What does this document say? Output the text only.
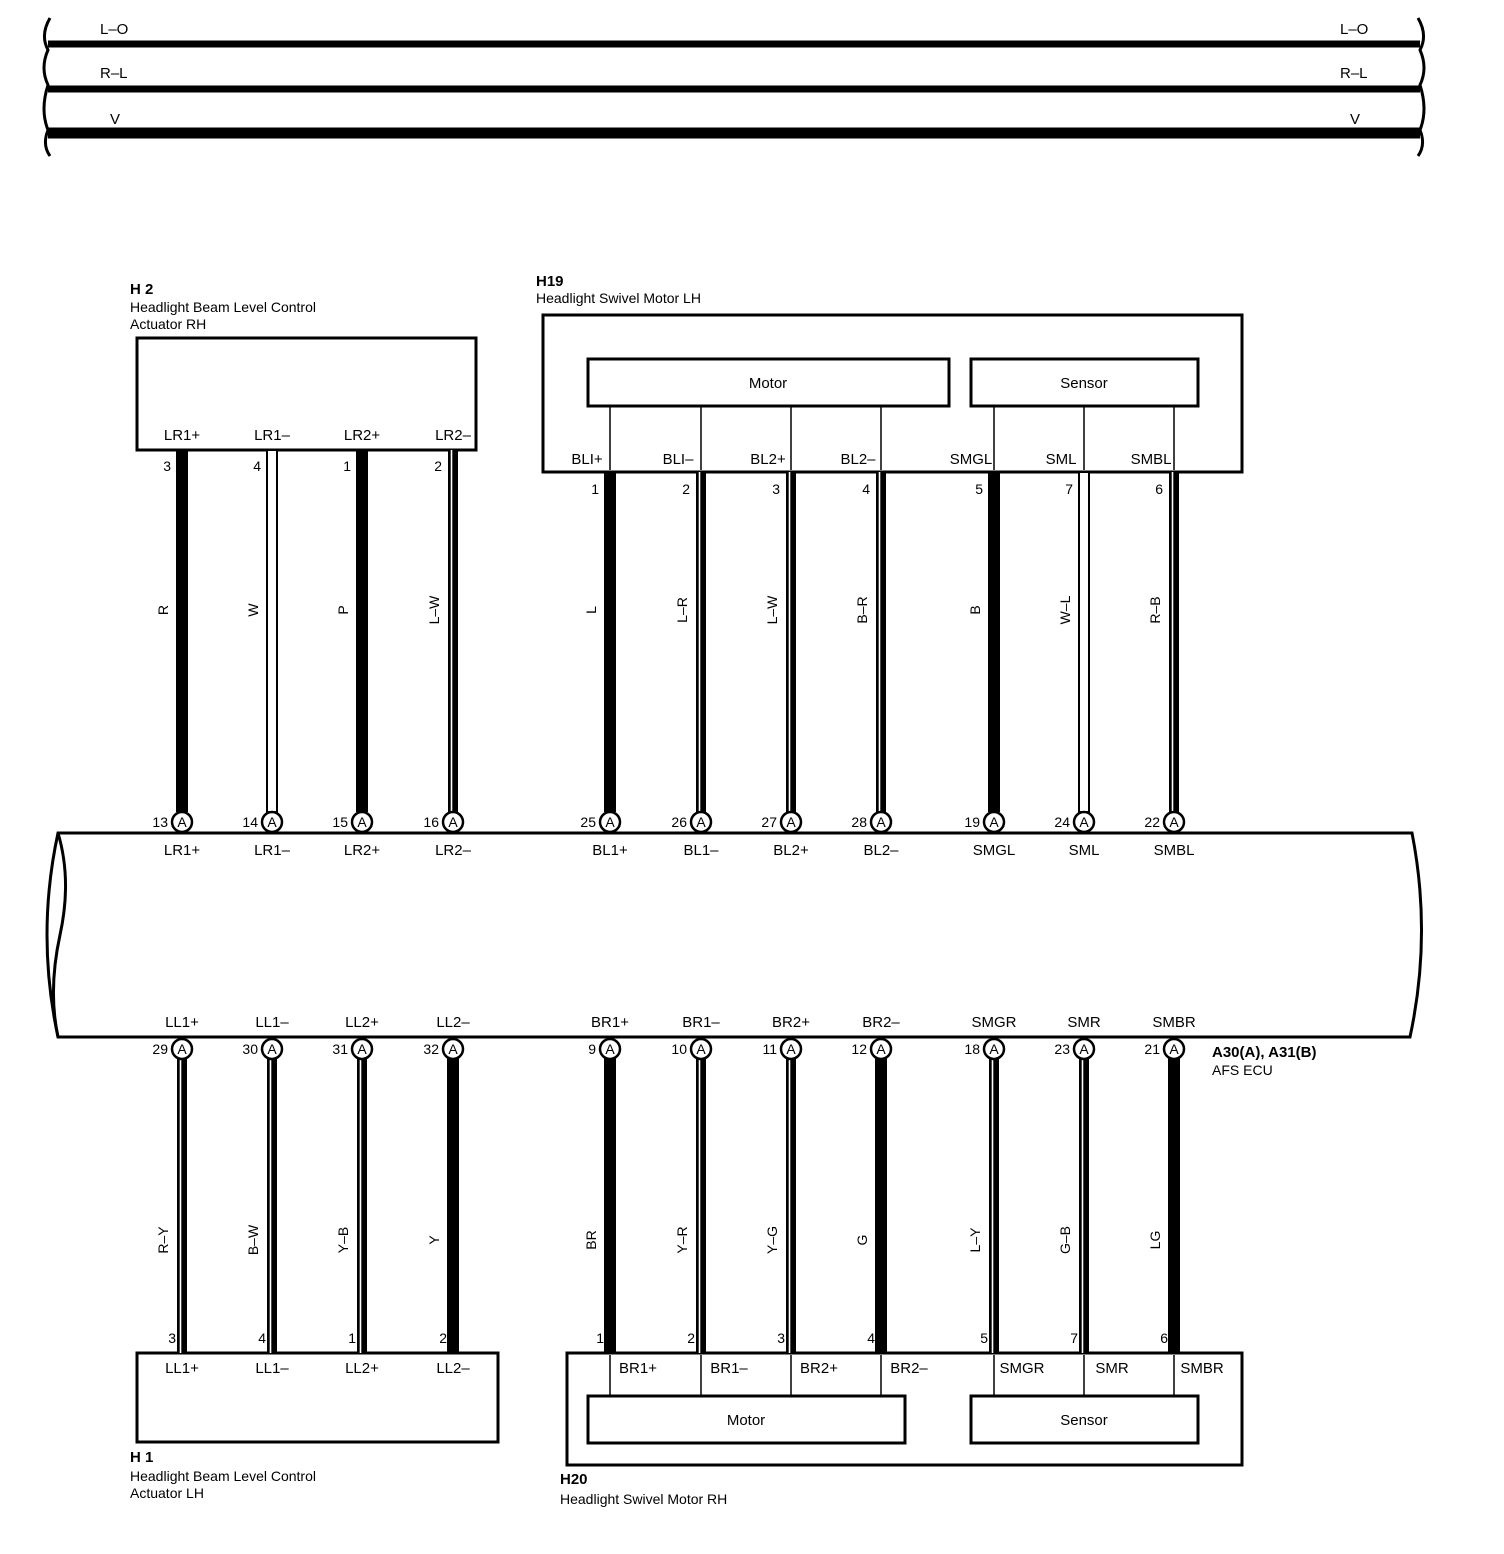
L–O	L–O
R–L	R–L
V	V
H 2
Headlight Beam Level Control
Actuator RH
H19
Headlight Swivel Motor LH
A30(A), A31(B)
AFS ECU
H 1
Headlight Beam Level Control
Actuator LH
H20
Headlight Swivel Motor RH
Motor	Sensor
Motor	Sensor
LR1+
3
R
13 A
LR1+
LR1–
4
W
14 A
LR1–
LR2+
1
P
15 A
LR2+
LR2–
2
L–W
16 A
LR2–
BLI+
1
L
25 A
BL1+
BLI–
2
L–R
26 A
BL1–
BL2+
3
L–W
27 A
BL2+
BL2–
4
B–R
28 A
BL2–
SMGL
5
B
19 A
SMGL
SML
7
W–L
24 A
SML
SMBL
6
R–B
22 A
SMBL
LL1+
29 A
R–Y
3
LL1+
LL1–
30 A
B–W
4
LL1–
LL2+
31 A
Y–B
1
LL2+
LL2–
32 A
Y
2
LL2–
BR1+
9 A
BR
1
BR1+
BR1–
10 A
Y–R
2
BR1–
BR2+
11 A
Y–G
3
BR2+
BR2–
12 A
G
4
BR2–
SMGR
18 A
L–Y
5
SMGR
SMR
23 A
G–B
7
SMR
SMBR
21 A
LG
6
SMBR
